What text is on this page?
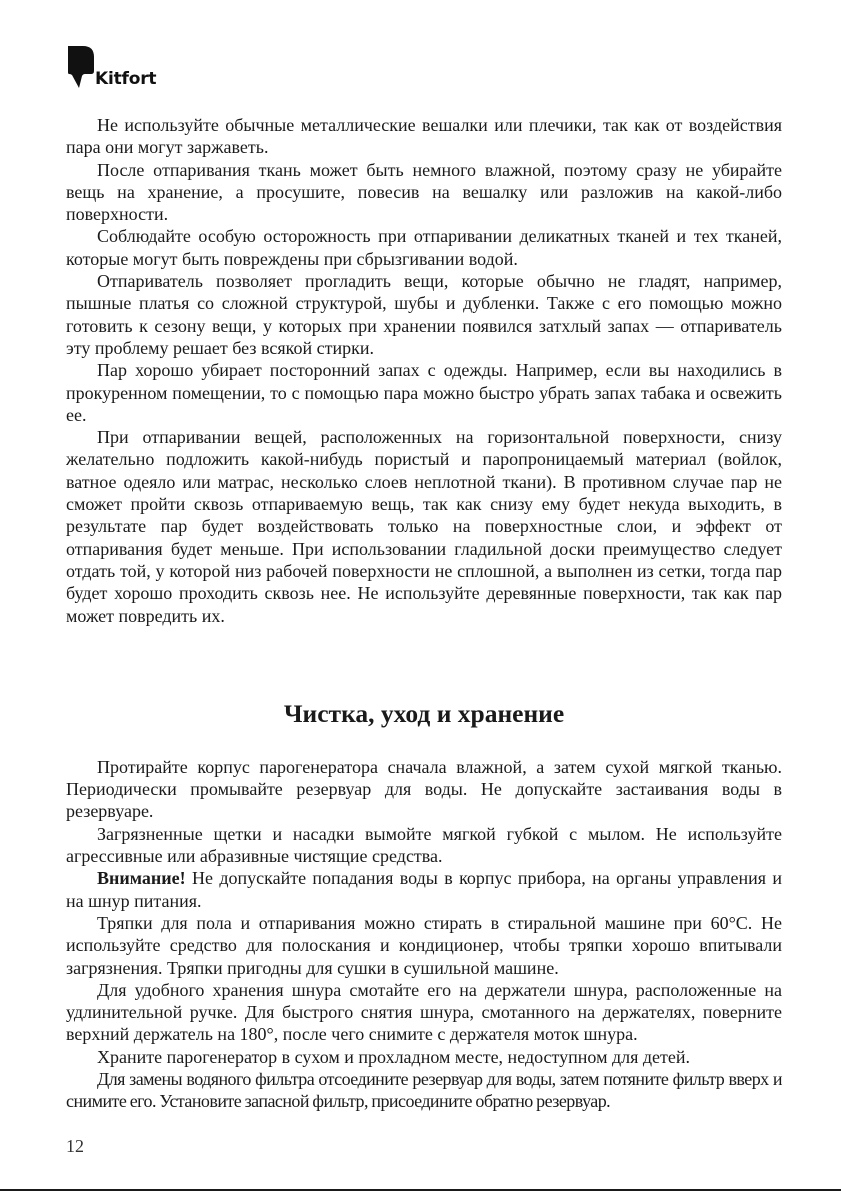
Kitfort

Не используйте обычные металлические вешалки или плечики, так как от воздействия пара они могут заржаветь.

После отпаривания ткань может быть немного влажной, поэтому сразу не убирайте вещь на хранение, а просушите, повесив на вешалку или разложив на какой-либо поверхности.

Соблюдайте особую осторожность при отпаривании деликатных тканей и тех тканей, которые могут быть повреждены при сбрызгивании водой.

Отпариватель позволяет прогладить вещи, которые обычно не гладят, например, пышные платья со сложной структурой, шубы и дубленки. Также с его помощью можно готовить к сезону вещи, у которых при хранении появился затхлый запах — отпариватель эту проблему решает без всякой стирки.

Пар хорошо убирает посторонний запах с одежды. Например, если вы находились в прокуренном помещении, то с помощью пара можно быстро убрать запах табака и освежить ее.

При отпаривании вещей, расположенных на горизонтальной поверхности, снизу желательно подложить какой-нибудь пористый и паропроницаемый материал (войлок, ватное одеяло или матрас, несколько слоев неплотной ткани). В противном случае пар не сможет пройти сквозь отпариваемую вещь, так как снизу ему будет некуда выходить, в результате пар будет воздействовать только на поверхностные слои, и эффект от отпаривания будет меньше. При использовании гладильной доски преимущество следует отдать той, у которой низ рабочей поверхности не сплошной, а выполнен из сетки, тогда пар будет хорошо проходить сквозь нее. Не используйте деревянные поверхности, так как пар может повредить их.

Чистка, уход и хранение

Протирайте корпус парогенератора сначала влажной, а затем сухой мягкой тканью. Периодически промывайте резервуар для воды. Не допускайте застаивания воды в резервуаре.

Загрязненные щетки и насадки вымойте мягкой губкой с мылом. Не используйте агрессивные или абразивные чистящие средства.

Внимание! Не допускайте попадания воды в корпус прибора, на органы управления и на шнур питания.

Тряпки для пола и отпаривания можно стирать в стиральной машине при 60°С. Не используйте средство для полоскания и кондиционер, чтобы тряпки хорошо впитывали загрязнения. Тряпки пригодны для сушки в сушильной машине.

Для удобного хранения шнура смотайте его на держатели шнура, расположенные на удлинительной ручке. Для быстрого снятия шнура, смотанного на держателях, поверните верхний держатель на 180°, после чего снимите с держателя моток шнура.

Храните парогенератор в сухом и прохладном месте, недоступном для детей.

Для замены водяного фильтра отсоедините резервуар для воды, затем потяните фильтр вверх и снимите его. Установите запасной фильтр, присоедините обратно резервуар.

12
